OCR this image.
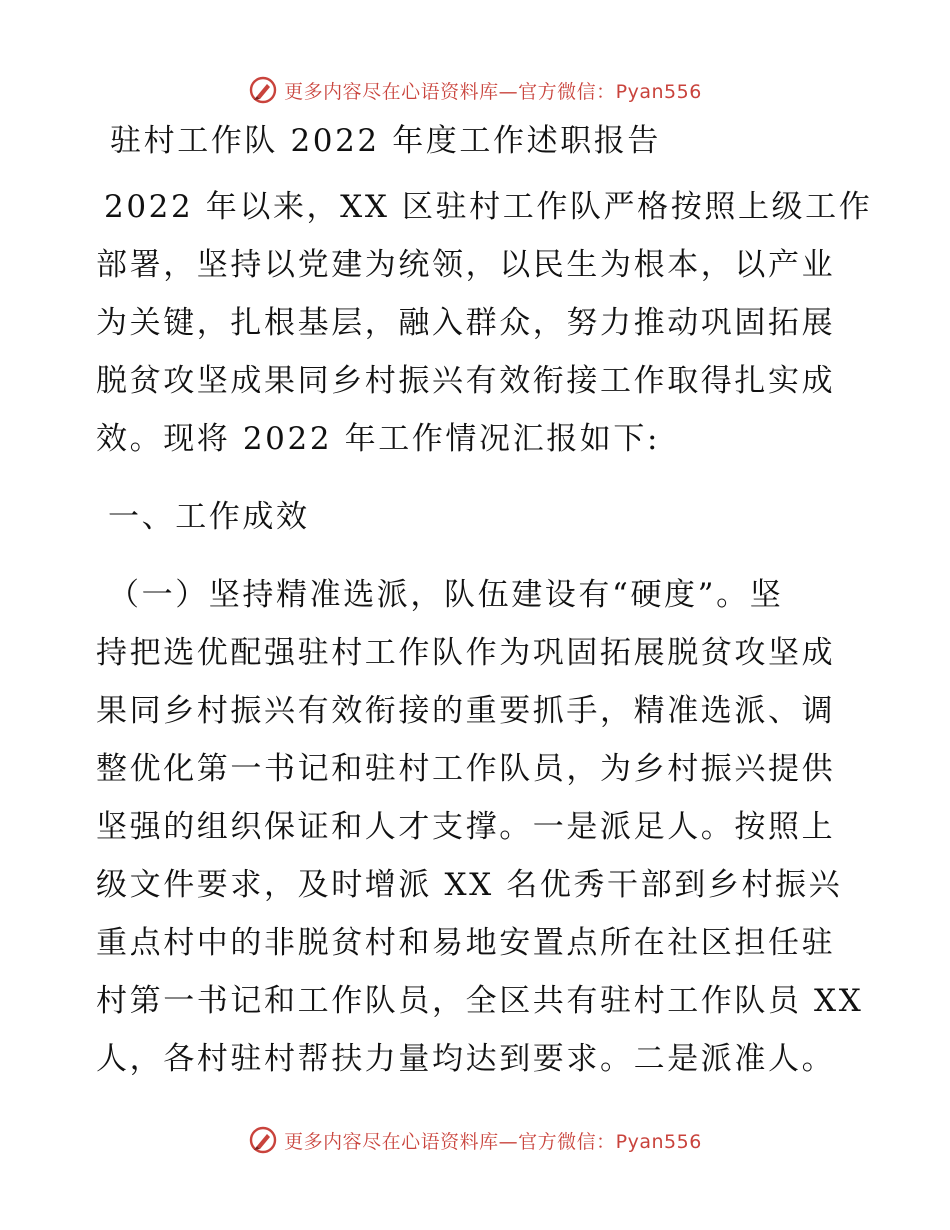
更多内容尽在心语资料库—官方微信：Pyan556
驻村工作队 2022 年度工作述职报告
2022 年以来，XX 区驻村工作队严格按照上级工作
部署，坚持以党建为统领，以民生为根本，以产业
为关键，扎根基层，融入群众，努力推动巩固拓展
脱贫攻坚成果同乡村振兴有效衔接工作取得扎实成
效。现将 2022 年工作情况汇报如下:
一、工作成效
（一）坚持精准选派，队伍建设有“硬度”。坚
持把选优配强驻村工作队作为巩固拓展脱贫攻坚成
果同乡村振兴有效衔接的重要抓手，精准选派、调
整优化第一书记和驻村工作队员，为乡村振兴提供
坚强的组织保证和人才支撑。一是派足人。按照上
级文件要求，及时增派 XX 名优秀干部到乡村振兴
重点村中的非脱贫村和易地安置点所在社区担任驻
村第一书记和工作队员，全区共有驻村工作队员 XX
人，各村驻村帮扶力量均达到要求。二是派准人。
更多内容尽在心语资料库—官方微信：Pyan556
